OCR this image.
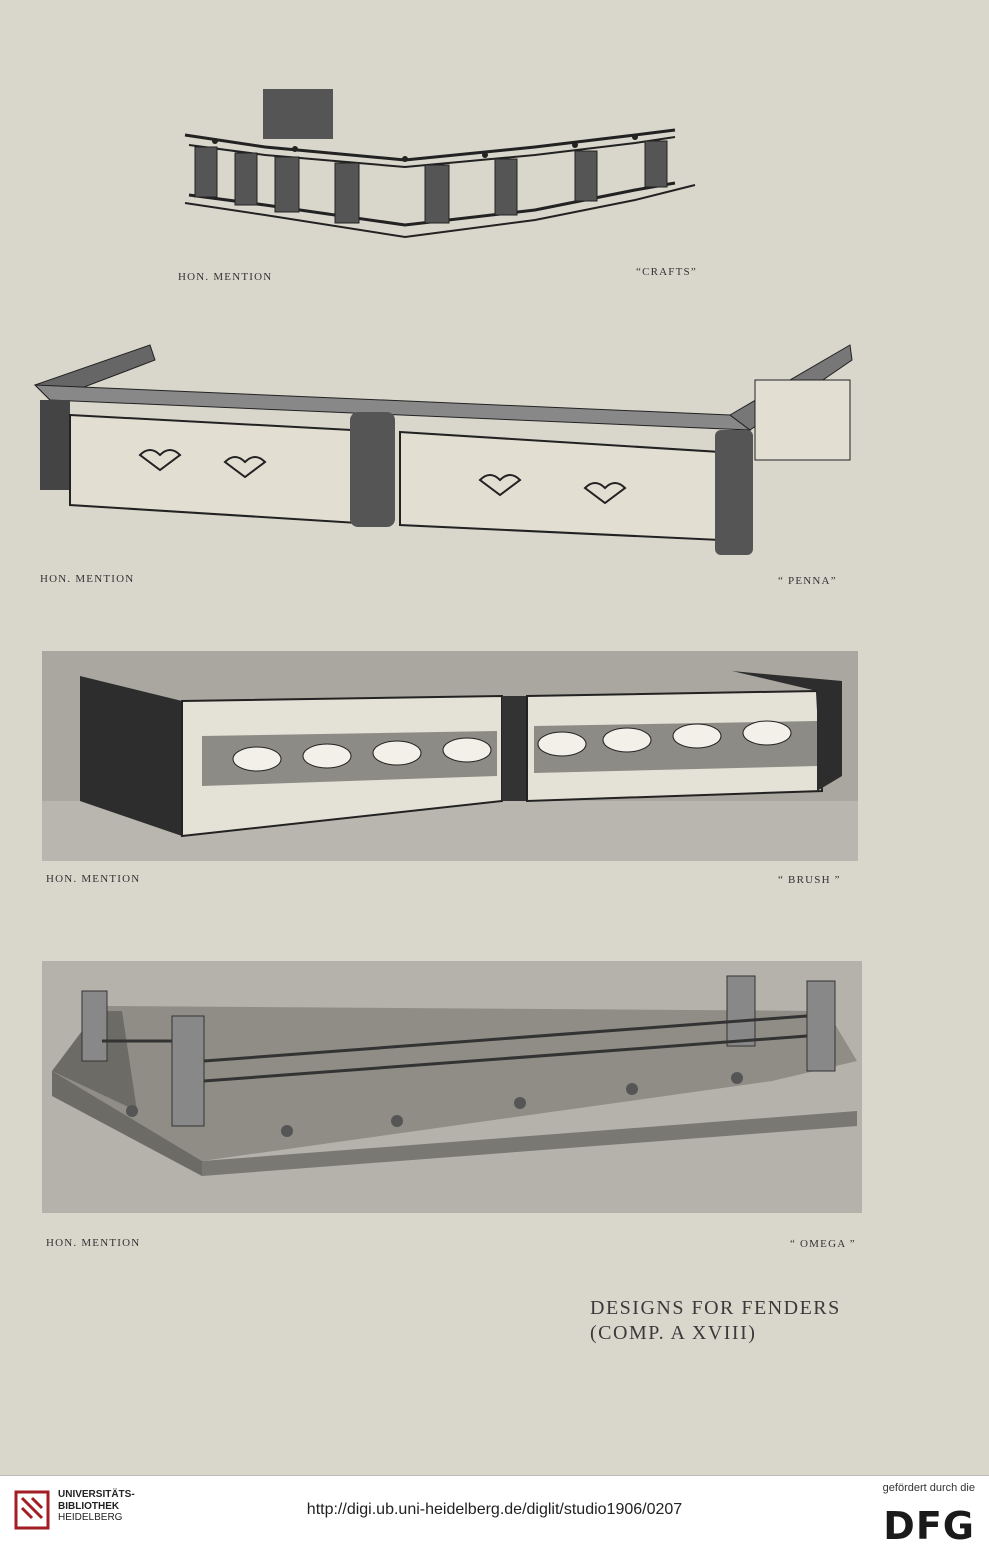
HON. MENTION	“CRAFTS”
HON. MENTION	“ PENNA”
HON. MENTION	“ BRUSH ”
HON. MENTION	“ OMEGA ”
DESIGNS FOR FENDERS
(COMP. A XVIII)
UNIVERSITÄTS-
BIBLIOTHEK
HEIDELBERG	http://digi.ub.uni-heidelberg.de/diglit/studio1906/0207
gefördert durch die
DFG
